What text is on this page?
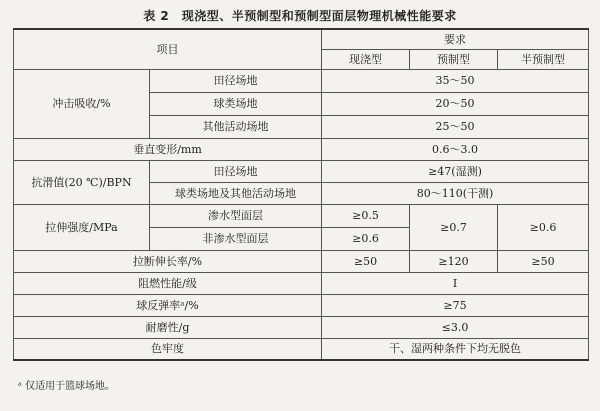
表 2　现浇型、半预制型和预制型面层物理机械性能要求
项目		要求		
		现浇型	预制型	半预制型
冲击吸收/%	田径场地	35～50		
	球类场地	20～50		
	其他活动场地	25～50		
垂直变形/mm		0.6～3.0		
抗滑值(20 ℃)/BPN	田径场地	≥47(湿测)		
	球类场地及其他活动场地	80～110(干测)		
拉伸强度/MPa	渗水型面层	≥0.5	≥0.7	≥0.6
	非渗水型面层	≥0.6		
拉断伸长率/%		≥50	≥120	≥50
阻燃性能/级		Ⅰ		
球反弹率ᵃ/%		≥75		
耐磨性/g		≤3.0		
色牢度		干、湿两种条件下均无脱色		
ᵃ 仅适用于篮球场地。
